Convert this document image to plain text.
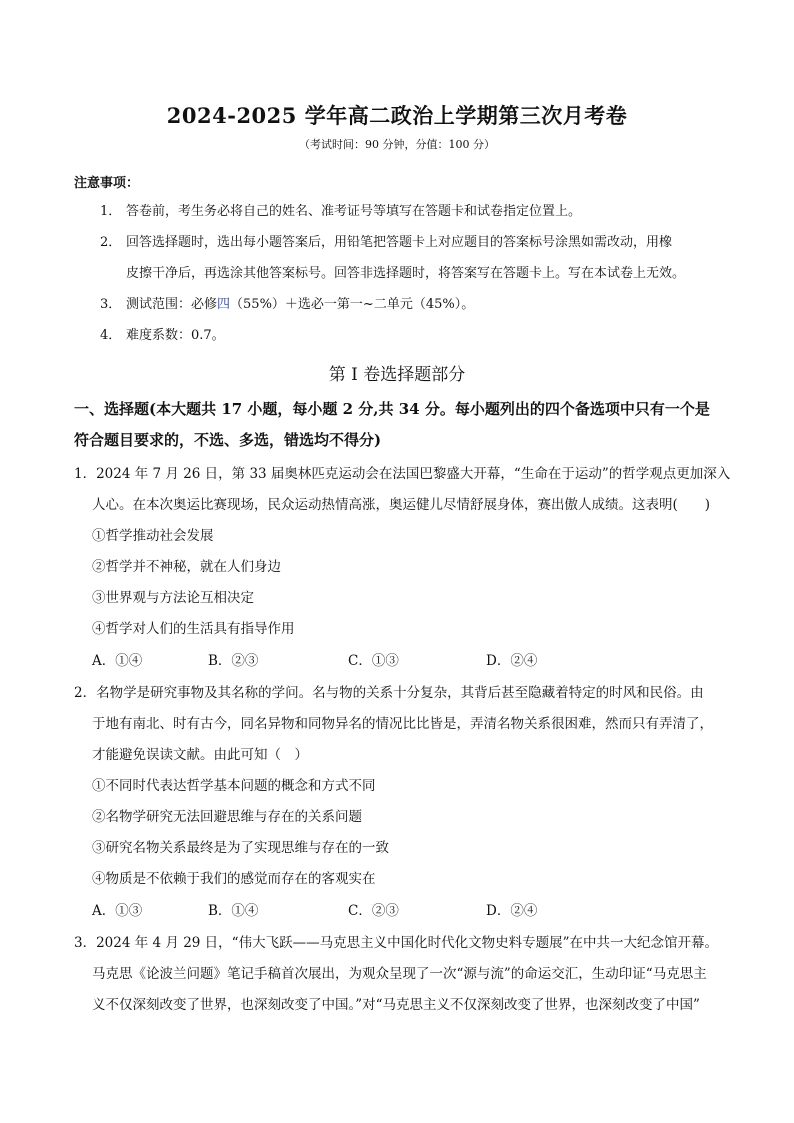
2024-2025 学年高二政治上学期第三次月考卷
（考试时间：90 分钟，分值：100 分）
注意事项：
1． 答卷前，考生务必将自己的姓名、准考证号等填写在答题卡和试卷指定位置上。
2． 回答选择题时，选出每小题答案后，用铅笔把答题卡上对应题目的答案标号涂黑如需改动，用橡
皮擦干净后，再选涂其他答案标号。回答非选择题时，将答案写在答题卡上。写在本试卷上无效。
3． 测试范围：必修四（55%）＋选必一第一~二单元（45%）。
4． 难度系数：0.7。
第 I 卷选择题部分
一、选择题(本大题共 17 小题，每小题 2 分,共 34 分。每小题列出的四个备选项中只有一个是
符合题目要求的，不选、多选，错选均不得分)
1．2024 年 7 月 26 日，第 33 届奥林匹克运动会在法国巴黎盛大开幕，“生命在于运动”的哲学观点更加深入
人心。在本次奥运比赛现场，民众运动热情高涨，奥运健儿尽情舒展身体，赛出傲人成绩。这表明(　　)
①哲学推动社会发展
②哲学并不神秘，就在人们身边
③世界观与方法论互相决定
④哲学对人们的生活具有指导作用
A．①④	B．②③	C．①③	D．②④
2．名物学是研究事物及其名称的学问。名与物的关系十分复杂，其背后甚至隐藏着特定的时风和民俗。由
于地有南北、时有古今，同名异物和同物异名的情况比比皆是，弄清名物关系很困难，然而只有弄清了，
才能避免误读文献。由此可知（　）
①不同时代表达哲学基本问题的概念和方式不同
②名物学研究无法回避思维与存在的关系问题
③研究名物关系最终是为了实现思维与存在的一致
④物质是不依赖于我们的感觉而存在的客观实在
A．①③	B．①④	C．②③	D．②④
3．2024 年 4 月 29 日，“伟大飞跃——马克思主义中国化时代化文物史料专题展”在中共一大纪念馆开幕。
马克思《论波兰问题》笔记手稿首次展出，为观众呈现了一次“源与流”的命运交汇，生动印证“马克思主
义不仅深刻改变了世界，也深刻改变了中国。”对“马克思主义不仅深刻改变了世界，也深刻改变了中国”
